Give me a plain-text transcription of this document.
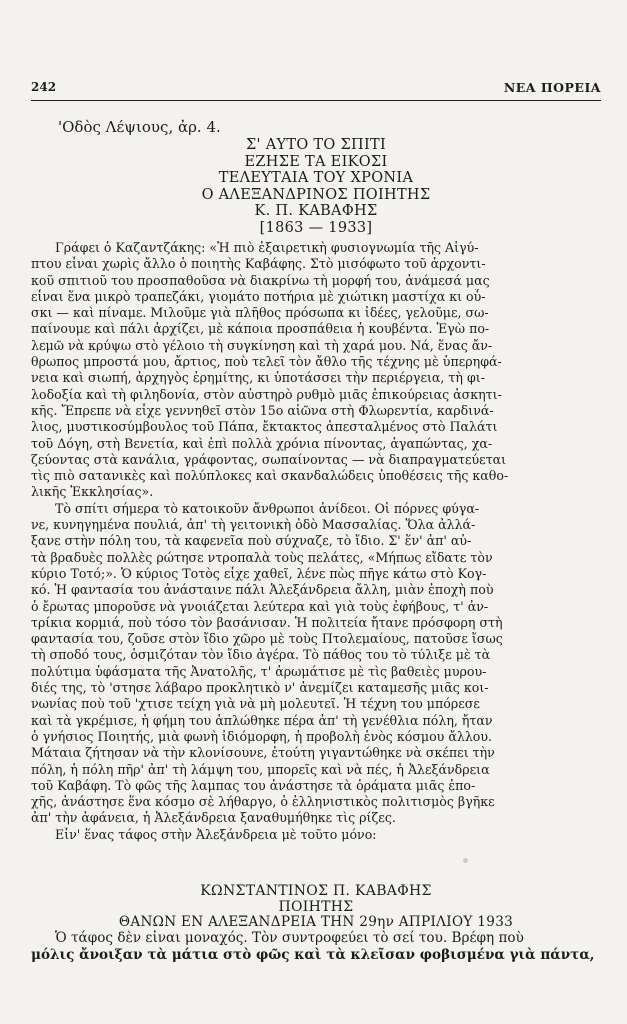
242	ΝΕΑ ΠΟΡΕΙΑ
'Οδὸς Λέψιους, ἀρ. 4.
Σ' ΑΥΤΟ ΤΟ ΣΠΙΤΙ
ΕΖΗΣΕ ΤΑ ΕΙΚΟΣΙ
ΤΕΛΕΥΤΑΙΑ ΤΟΥ ΧΡΟΝΙΑ
Ο ΑΛΕΞΑΝΔΡΙΝΟΣ ΠΟΙΗΤΗΣ
Κ. Π. ΚΑΒΑΦΗΣ
[1863 — 1933]
Γράφει ὁ Καζαντζάκης: «Ἡ πιὸ ἐξαιρετικὴ φυσιογνωμία τῆς Αἰγύ-
πτου εἶναι χωρὶς ἄλλο ὁ ποιητὴς Καβάφης. Στὸ μισόφωτο τοῦ ἀρχοντι-
κοῦ σπιτιοῦ του προσπαθοῦσα νὰ διακρίνω τὴ μορφή του, ἀνάμεσά μας
εἶναι ἕνα μικρὸ τραπεζάκι, γιομάτο ποτήρια μὲ χιώτικη μαστίχα κι οὖ-
σκι — καὶ πίναμε. Μιλοῦμε γιὰ πλῆθος πρόσωπα κι ἰδέες, γελοῦμε, σω-
παίνουμε καὶ πάλι ἀρχίζει, μὲ κάποια προσπάθεια ἡ κουβέντα. Ἐγὼ πο-
λεμῶ νὰ κρύψω στὸ γέλοιο τὴ συγκίνηση καὶ τὴ χαρά μου. Νά, ἕνας ἄν-
θρωπος μπροστά μου, ἄρτιος, ποὺ τελεῖ τὸν ἄθλο τῆς τέχνης μὲ ὑπερηφά-
νεια καὶ σιωπή, ἀρχηγὸς ἐρημίτης, κι ὑποτάσσει τὴν περιέργεια, τὴ φι-
λοδοξία καὶ τὴ φιληδονία, στὸν αὐστηρὸ ρυθμὸ μιᾶς ἐπικούρειας ἀσκητι-
κῆς. Ἔπρεπε νὰ εἶχε γεννηθεῖ στὸν 15ο αἰῶνα στὴ Φλωρεντία, καρδινά-
λιος, μυστικοσύμβουλος τοῦ Πάπα, ἔκτακτος ἀπεσταλμένος στὸ Παλάτι
τοῦ Δόγη, στὴ Βενετία, καὶ ἐπὶ πολλὰ χρόνια πίνοντας, ἀγαπώντας, χα-
ζεύοντας στὰ κανάλια, γράφοντας, σωπαίνοντας — νὰ διαπραγματεύεται
τὶς πιὸ σατανικὲς καὶ πολύπλοκες καὶ σκανδαλώδεις ὑποθέσεις τῆς καθο-
λικῆς Ἐκκλησίας».
Τὸ σπίτι σήμερα τὸ κατοικοῦν ἄνθρωποι ἀνίδεοι. Οἱ πόρνες φύγα-
νε, κυνηγημένα πουλιά, ἀπ' τὴ γειτονικὴ ὁδὸ Μασσαλίας. Ὅλα ἀλλά-
ξανε στὴν πόλη του, τὰ καφενεῖα ποὺ σύχναζε, τὸ ἴδιο. Σ' ἕν' ἀπ' αὐ-
τὰ βραδυὲς πολλὲς ρώτησε ντροπαλὰ τοὺς πελάτες, «Μήπως εἴδατε τὸν
κύριο Τοτό;». Ὁ κύριος Τοτὸς εἶχε χαθεῖ, λένε πὼς πῆγε κάτω στὸ Κογ-
κό. Ἡ φαντασία του ἀνάσταινε πάλι Ἀλεξάνδρεια ἄλλη, μιὰν ἐποχὴ ποὺ
ὁ ἔρωτας μποροῦσε νὰ γνοιάζεται λεύτερα καὶ γιὰ τοὺς ἐφήβους, τ' ἀν-
τρίκια κορμιά, ποὺ τόσο τὸν βασάνισαν. Ἡ πολιτεία ἤτανε πρόσφορη στὴ
φαντασία του, ζοῦσε στὸν ἴδιο χῶρο μὲ τοὺς Πτολεμαίους, πατοῦσε ἴσως
τὴ σποδό τους, ὁσμιζόταν τὸν ἴδιο ἀγέρα. Τὸ πάθος του τὸ τύλιξε μὲ τὰ
πολύτιμα ὑφάσματα τῆς Ἀνατολῆς, τ' ἀρωμάτισε μὲ τὶς βαθειὲς μυρου-
διές της, τὸ 'στησε λάβαρο προκλητικὸ ν' ἀνεμίζει καταμεσῆς μιᾶς κοι-
νωνίας ποὺ τοῦ 'χτισε τείχη γιὰ νὰ μὴ μολευτεῖ. Ἡ τέχνη του μπόρεσε
καὶ τὰ γκρέμισε, ἡ φήμη του ἁπλώθηκε πέρα ἀπ' τὴ γενέθλια πόλη, ἤταν
ὁ γνήσιος Ποιητής, μιὰ φωνὴ ἰδιόμορφη, ἡ προβολὴ ἑνὸς κόσμου ἄλλου.
Μάταια ζήτησαν νὰ τὴν κλονίσουνε, ἐτούτη γιγαντώθηκε νὰ σκέπει τὴν
πόλη, ἡ πόλη πῆρ' ἀπ' τὴ λάμψη του, μπορεῖς καὶ νὰ πές, ἡ Ἀλεξάνδρεια
τοῦ Καβάφη. Τὸ φῶς τῆς λαμπας του ἀνάστησε τὰ ὁράματα μιᾶς ἐπο-
χῆς, ἀνάστησε ἕνα κόσμο σὲ λήθαργο, ὁ ἑλληνιστικὸς πολιτισμὸς βγῆκε
ἀπ' τὴν ἀφάνεια, ἡ Ἀλεξάνδρεια ξαναθυμήθηκε τὶς ρίζες.
Εἶν' ἕνας τάφος στὴν Ἀλεξάνδρεια μὲ τοῦτο μόνο:
ΚΩΝΣΤΑΝΤΙΝΟΣ Π. ΚΑΒΑΦΗΣ
ΠΟΙΗΤΗΣ
ΘΑΝΩΝ ΕΝ ΑΛΕΞΑΝΔΡΕΙΑ ΤΗΝ 29ην ΑΠΡΙΛΙΟΥ 1933
Ὁ τάφος δὲν εἶναι μοναχός. Τὸν συντροφεύει τὸ σεί του. Βρέφη ποὺ
μόλις ἄνοιξαν τὰ μάτια στὸ φῶς καὶ τὰ κλεῖσαν φοβισμένα γιὰ πάντα,
